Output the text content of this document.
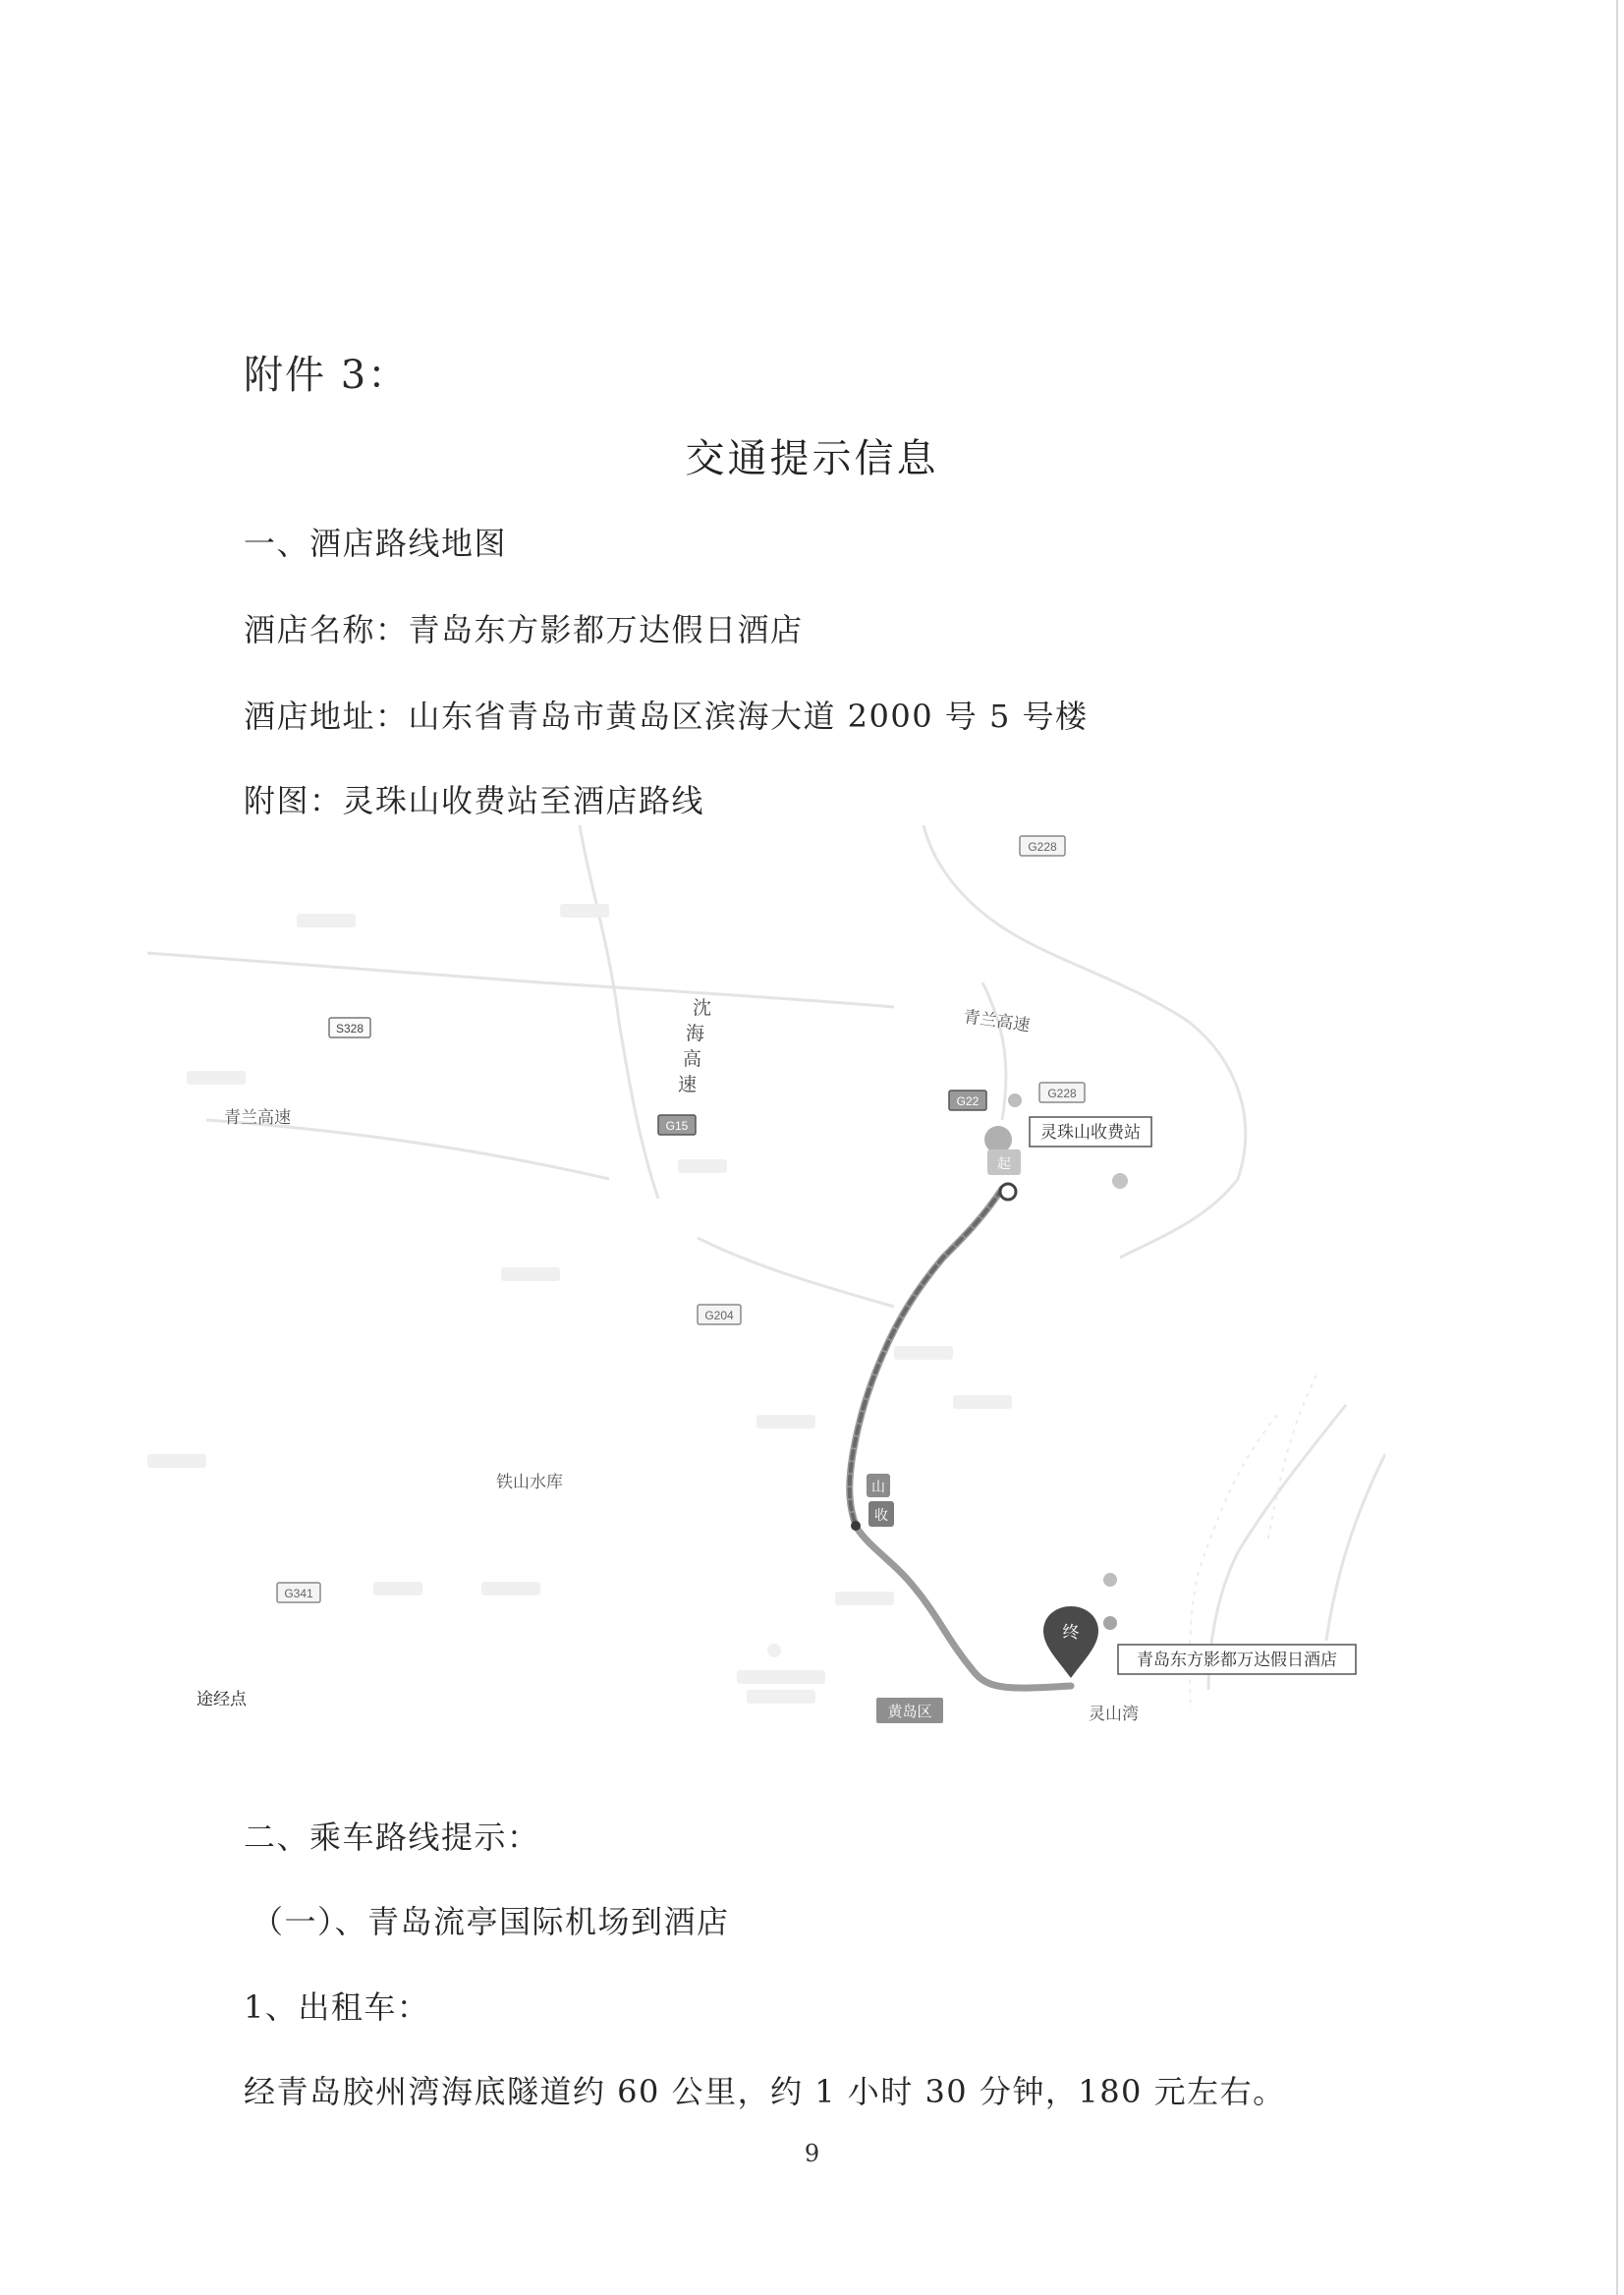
附件 3：
交通提示信息
一、酒店路线地图
酒店名称：青岛东方影都万达假日酒店
酒店地址：山东省青岛市黄岛区滨海大道 2000 号 5 号楼
附图：灵珠山收费站至酒店路线
G228
S328
G22
G228
G15
G204
G341
青兰高速
青兰高速
沈
海
高
速
铁山水库
灵山湾
途经点
黄岛区
山
收
起
灵珠山收费站
终
青岛东方影都万达假日酒店
二、乘车路线提示：
（一）、青岛流亭国际机场到酒店
1、出租车：
经青岛胶州湾海底隧道约 60 公里，约 1 小时 30 分钟，180 元左右。
9
